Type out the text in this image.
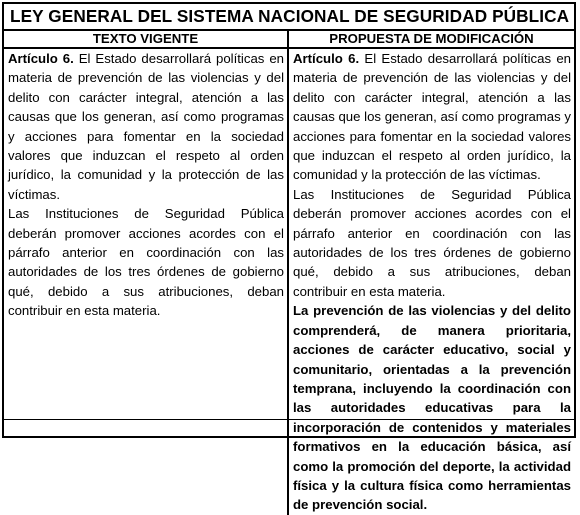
LEY GENERAL DEL SISTEMA NACIONAL DE SEGURIDAD PÚBLICA
TEXTO VIGENTE

Artículo 6. El Estado desarrollará políticas en materia de prevención de las violencias y del delito con carácter integral, atención a las causas que los generan, así como programas y acciones para fomentar en la sociedad valores que induzcan el respeto al orden jurídico, la comunidad y la protección de las víctimas.

Las Instituciones de Seguridad Pública deberán promover acciones acordes con el párrafo anterior en coordinación con las autoridades de los tres órdenes de gobierno qué, debido a sus atribuciones, deban contribuir en esta materia.

PROPUESTA DE MODIFICACIÓN

Artículo 6. El Estado desarrollará políticas en materia de prevención de las violencias y del delito con carácter integral, atención a las causas que los generan, así como programas y acciones para fomentar en la sociedad valores que induzcan el respeto al orden jurídico, la comunidad y la protección de las víctimas.

Las Instituciones de Seguridad Pública deberán promover acciones acordes con el párrafo anterior en coordinación con las autoridades de los tres órdenes de gobierno qué, debido a sus atribuciones, deban contribuir en esta materia.

La prevención de las violencias y del delito comprenderá, de manera prioritaria, acciones de carácter educativo, social y comunitario, orientadas a la prevención temprana, incluyendo la coordinación con las autoridades educativas para la incorporación de contenidos y materiales formativos en la educación básica, así como la promoción del deporte, la actividad física y la cultura física como herramientas de prevención social.
